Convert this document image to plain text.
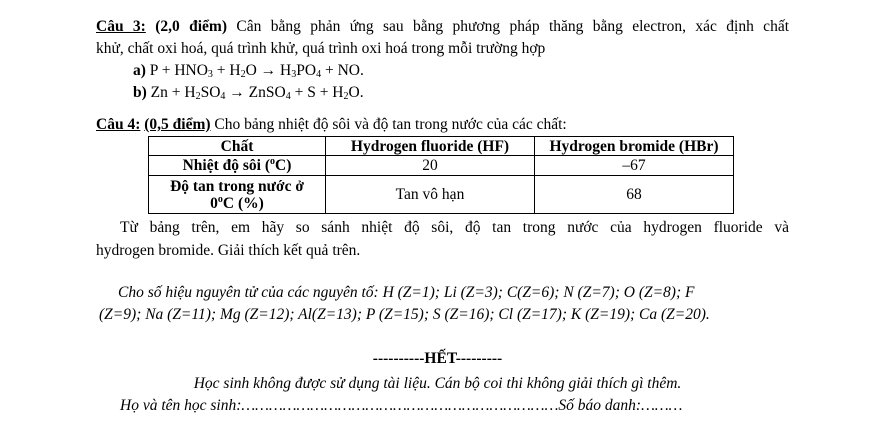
Câu 3: (2,0 điểm) Cân bằng phản ứng sau bằng phương pháp thăng bằng electron, xác định chất
khử, chất oxi hoá, quá trình khử, quá trình oxi hoá trong mỗi trường hợp
a) $P + HNO_3 + H_2O \to H_3PO_4$ + NO.
b) $Zn + H_2SO_4$ → ZnSO$_4$ + $S + H_2O$.
Câu 4: (0,5 điểm) Cho bảng nhiệt độ sôi và độ tan trong nước của các chất:
Chất	Hydrogen fluoride (HF)	Hydrogen bromide (HBr)
Nhiệt độ sôi ($^o$C)	20	–67

Độ tan trong nước ở
0$^o$C (%)	Tan vô hạn	68
Từ bảng trên, em hãy so sánh nhiệt độ sôi, độ tan trong nước của hydrogen fluoride và
hydrogen bromide. Giải thích kết quả trên.
Cho số hiệu nguyên tử của các nguyên tố: H (Z=1); Li (Z=3); C(Z=6); N (Z=7); O (Z=8); F
(Z=9); Na (Z=11); Mg (Z=12); Al(Z=13); P (Z=15); S (Z=16); Cl (Z=17); K (Z=19); Ca (Z=20).
----------HẾT---------
Học sinh không được sử dụng tài liệu. Cán bộ coi thi không giải thích gì thêm.
Họ và tên học sinh:……………………………………………………………Số báo danh:………
